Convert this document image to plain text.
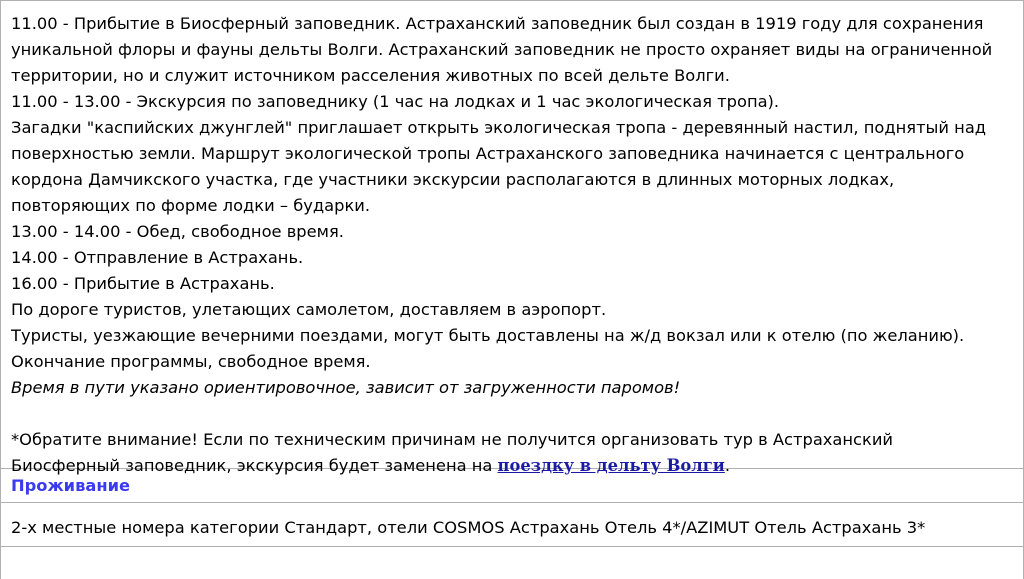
11.00 - Прибытие в Биосферный заповедник. Астраханский заповедник был создан в 1919 году для сохранения
уникальной флоры и фауны дельты Волги. Астраханский заповедник не просто охраняет виды на ограниченной
территории, но и служит источником расселения животных по всей дельте Волги.
11.00 - 13.00 - Экскурсия по заповеднику (1 час на лодках и 1 час экологическая тропа).
Загадки "каспийских джунглей" приглашает открыть экологическая тропа - деревянный настил, поднятый над
поверхностью земли. Маршрут экологической тропы Астраханского заповедника начинается с центрального
кордона Дамчикского участка, где участники экскурсии располагаются в длинных моторных лодках,
повторяющих по форме лодки – бударки.
13.00 - 14.00 - Обед, свободное время.
14.00 - Отправление в Астрахань.
16.00 - Прибытие в Астрахань.
По дороге туристов, улетающих самолетом, доставляем в аэропорт.
Туристы, уезжающие вечерними поездами, могут быть доставлены на ж/д вокзал или к отелю (по желанию).
Окончание программы, свободное время.
Время в пути указано ориентировочное, зависит от загруженности паромов!
*Обратите внимание! Если по техническим причинам не получится организовать тур в Астраханский
Биосферный заповедник, экскурсия будет заменена на поездку в дельту Волги.
Проживание
2-х местные номера категории Стандарт, отели COSMOS Астрахань Отель 4*/AZIMUT Отель Астрахань 3*
